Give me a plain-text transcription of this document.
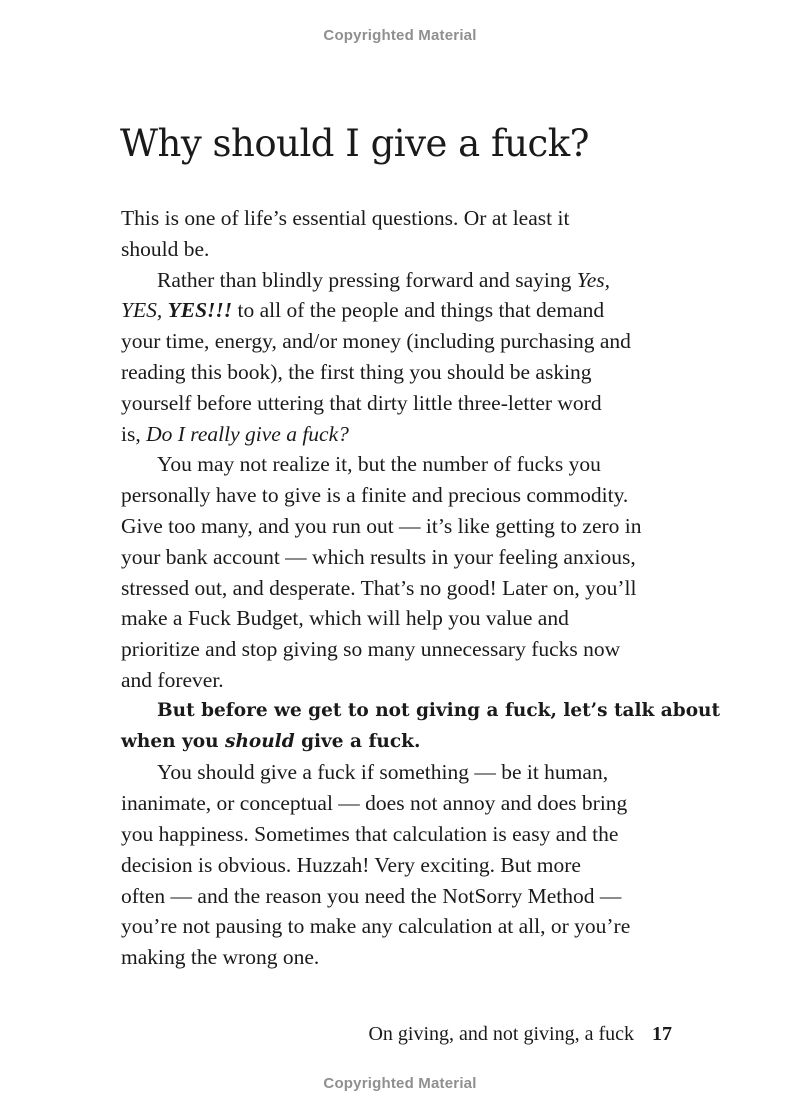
Copyrighted Material
Why should I give a fuck?

This is one of life’s essential questions. Or at least it
should be.

Rather than blindly pressing forward and saying Yes,
YES, YES!!! to all of the people and things that demand
your time, energy, and/or money (including purchasing and
reading this book), the first thing you should be asking
yourself before uttering that dirty little three-letter word
is, Do I really give a fuck?

You may not realize it, but the number of fucks you
personally have to give is a finite and precious commodity.
Give too many, and you run out — it’s like getting to zero in
your bank account — which results in your feeling anxious,
stressed out, and desperate. That’s no good! Later on, you’ll
make a Fuck Budget, which will help you value and
prioritize and stop giving so many unnecessary fucks now
and forever.

But before we get to not giving a fuck, let’s talk about
when you should give a fuck.

You should give a fuck if something — be it human,
inanimate, or conceptual — does not annoy and does bring
you happiness. Sometimes that calculation is easy and the
decision is obvious. Huzzah! Very exciting. But more
often — and the reason you need the NotSorry Method —
you’re not pausing to make any calculation at all, or you’re
making the wrong one.

On giving, and not giving, a fuck 17
Copyrighted Material
